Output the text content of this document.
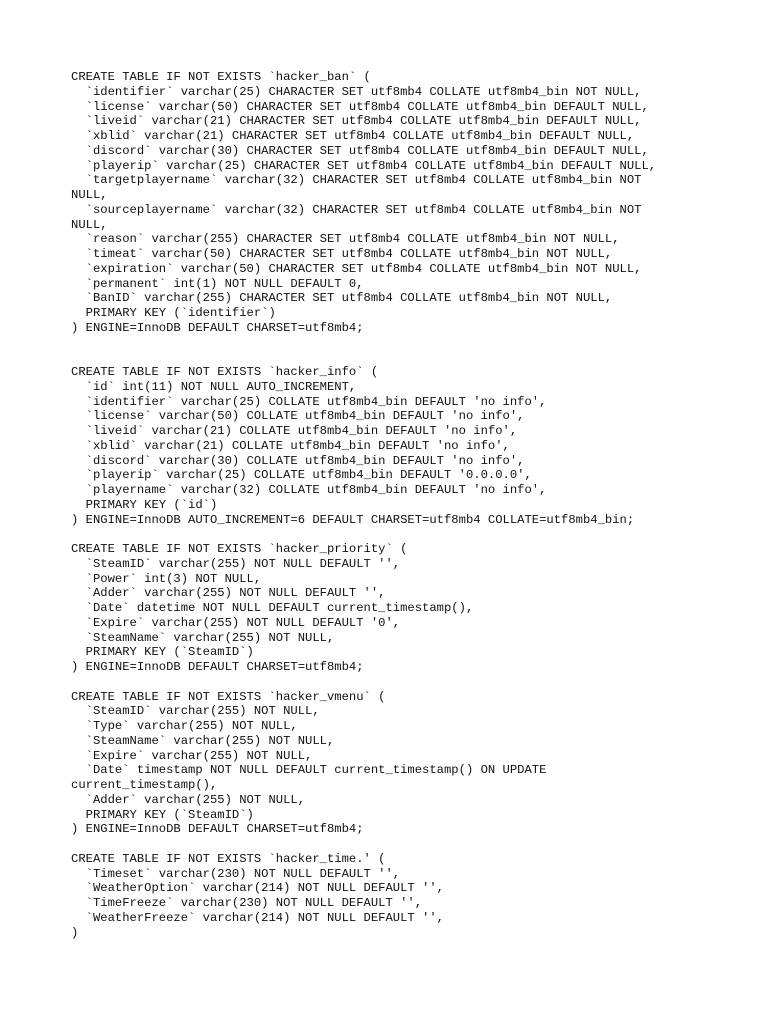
CREATE TABLE IF NOT EXISTS `hacker_ban` (
`identifier` varchar(25) CHARACTER SET utf8mb4 COLLATE utf8mb4_bin NOT NULL,
`license` varchar(50) CHARACTER SET utf8mb4 COLLATE utf8mb4_bin DEFAULT NULL,
`liveid` varchar(21) CHARACTER SET utf8mb4 COLLATE utf8mb4_bin DEFAULT NULL,
`xblid` varchar(21) CHARACTER SET utf8mb4 COLLATE utf8mb4_bin DEFAULT NULL,
`discord` varchar(30) CHARACTER SET utf8mb4 COLLATE utf8mb4_bin DEFAULT NULL,
`playerip` varchar(25) CHARACTER SET utf8mb4 COLLATE utf8mb4_bin DEFAULT NULL,
`targetplayername` varchar(32) CHARACTER SET utf8mb4 COLLATE utf8mb4_bin NOT
NULL,
`sourceplayername` varchar(32) CHARACTER SET utf8mb4 COLLATE utf8mb4_bin NOT
NULL,
`reason` varchar(255) CHARACTER SET utf8mb4 COLLATE utf8mb4_bin NOT NULL,
`timeat` varchar(50) CHARACTER SET utf8mb4 COLLATE utf8mb4_bin NOT NULL,
`expiration` varchar(50) CHARACTER SET utf8mb4 COLLATE utf8mb4_bin NOT NULL,
`permanent` int(1) NOT NULL DEFAULT 0,
`BanID` varchar(255) CHARACTER SET utf8mb4 COLLATE utf8mb4_bin NOT NULL,
PRIMARY KEY (`identifier`)
) ENGINE=InnoDB DEFAULT CHARSET=utf8mb4;
CREATE TABLE IF NOT EXISTS `hacker_info` (
`id` int(11) NOT NULL AUTO_INCREMENT,
`identifier` varchar(25) COLLATE utf8mb4_bin DEFAULT 'no info',
`license` varchar(50) COLLATE utf8mb4_bin DEFAULT 'no info',
`liveid` varchar(21) COLLATE utf8mb4_bin DEFAULT 'no info',
`xblid` varchar(21) COLLATE utf8mb4_bin DEFAULT 'no info',
`discord` varchar(30) COLLATE utf8mb4_bin DEFAULT 'no info',
`playerip` varchar(25) COLLATE utf8mb4_bin DEFAULT '0.0.0.0',
`playername` varchar(32) COLLATE utf8mb4_bin DEFAULT 'no info',
PRIMARY KEY (`id`)
) ENGINE=InnoDB AUTO_INCREMENT=6 DEFAULT CHARSET=utf8mb4 COLLATE=utf8mb4_bin;
CREATE TABLE IF NOT EXISTS `hacker_priority` (
`SteamID` varchar(255) NOT NULL DEFAULT '',
`Power` int(3) NOT NULL,
`Adder` varchar(255) NOT NULL DEFAULT '',
`Date` datetime NOT NULL DEFAULT current_timestamp(),
`Expire` varchar(255) NOT NULL DEFAULT '0',
`SteamName` varchar(255) NOT NULL,
PRIMARY KEY (`SteamID`)
) ENGINE=InnoDB DEFAULT CHARSET=utf8mb4;
CREATE TABLE IF NOT EXISTS `hacker_vmenu` (
`SteamID` varchar(255) NOT NULL,
`Type` varchar(255) NOT NULL,
`SteamName` varchar(255) NOT NULL,
`Expire` varchar(255) NOT NULL,
`Date` timestamp NOT NULL DEFAULT current_timestamp() ON UPDATE
current_timestamp(),
`Adder` varchar(255) NOT NULL,
PRIMARY KEY (`SteamID`)
) ENGINE=InnoDB DEFAULT CHARSET=utf8mb4;
CREATE TABLE IF NOT EXISTS `hacker_time.' (
`Timeset` varchar(230) NOT NULL DEFAULT '',
`WeatherOption` varchar(214) NOT NULL DEFAULT '',
`TimeFreeze` varchar(230) NOT NULL DEFAULT '',
`WeatherFreeze` varchar(214) NOT NULL DEFAULT '',
)
